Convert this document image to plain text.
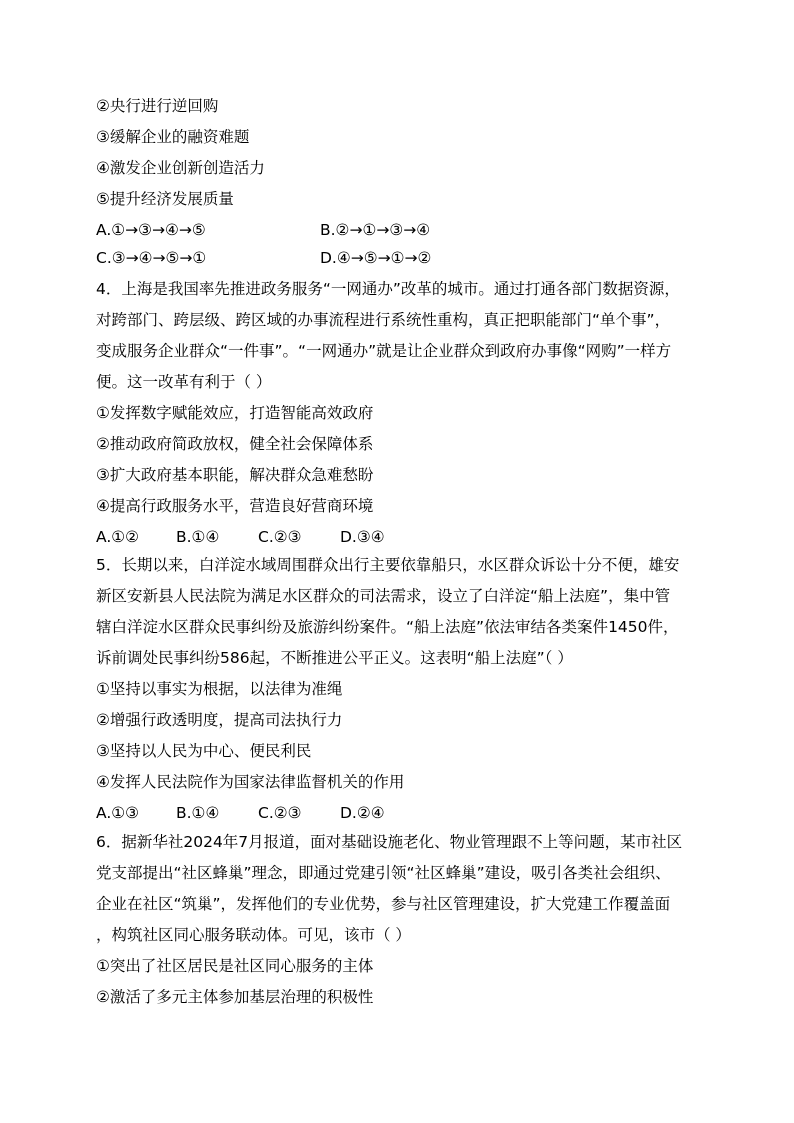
②央行进行逆回购
③缓解企业的融资难题
④激发企业创新创造活力
⑤提升经济发展质量
A.①→③→④→⑤	B.②→①→③→④
C.③→④→⑤→①	D.④→⑤→①→②
4．上海是我国率先推进政务服务“一网通办”改革的城市。通过打通各部门数据资源，
对跨部门、跨层级、跨区域的办事流程进行系统性重构，真正把职能部门“单个事”，
变成服务企业群众“一件事”。“一网通办”就是让企业群众到政府办事像“网购”一样方
便。这一改革有利于（ ）
①发挥数字赋能效应，打造智能高效政府
②推动政府简政放权，健全社会保障体系
③扩大政府基本职能，解决群众急难愁盼
④提高行政服务水平，营造良好营商环境
A.①② B.①④ C.②③ D.③④
5．长期以来，白洋淀水域周围群众出行主要依靠船只，水区群众诉讼十分不便，雄安
新区安新县人民法院为满足水区群众的司法需求，设立了白洋淀“船上法庭”，集中管
辖白洋淀水区群众民事纠纷及旅游纠纷案件。“船上法庭”依法审结各类案件1450件，
诉前调处民事纠纷586起，不断推进公平正义。这表明“船上法庭”（ ）
①坚持以事实为根据，以法律为准绳
②增强行政透明度，提高司法执行力
③坚持以人民为中心、便民利民
④发挥人民法院作为国家法律监督机关的作用
A.①③ B.①④ C.②③ D.②④
6．据新华社2024年7月报道，面对基础设施老化、物业管理跟不上等问题，某市社区
党支部提出“社区蜂巢”理念，即通过党建引领“社区蜂巢”建设，吸引各类社会组织、
企业在社区“筑巢”，发挥他们的专业优势，参与社区管理建设，扩大党建工作覆盖面
，构筑社区同心服务联动体。可见，该市（ ）
①突出了社区居民是社区同心服务的主体
②激活了多元主体参加基层治理的积极性
